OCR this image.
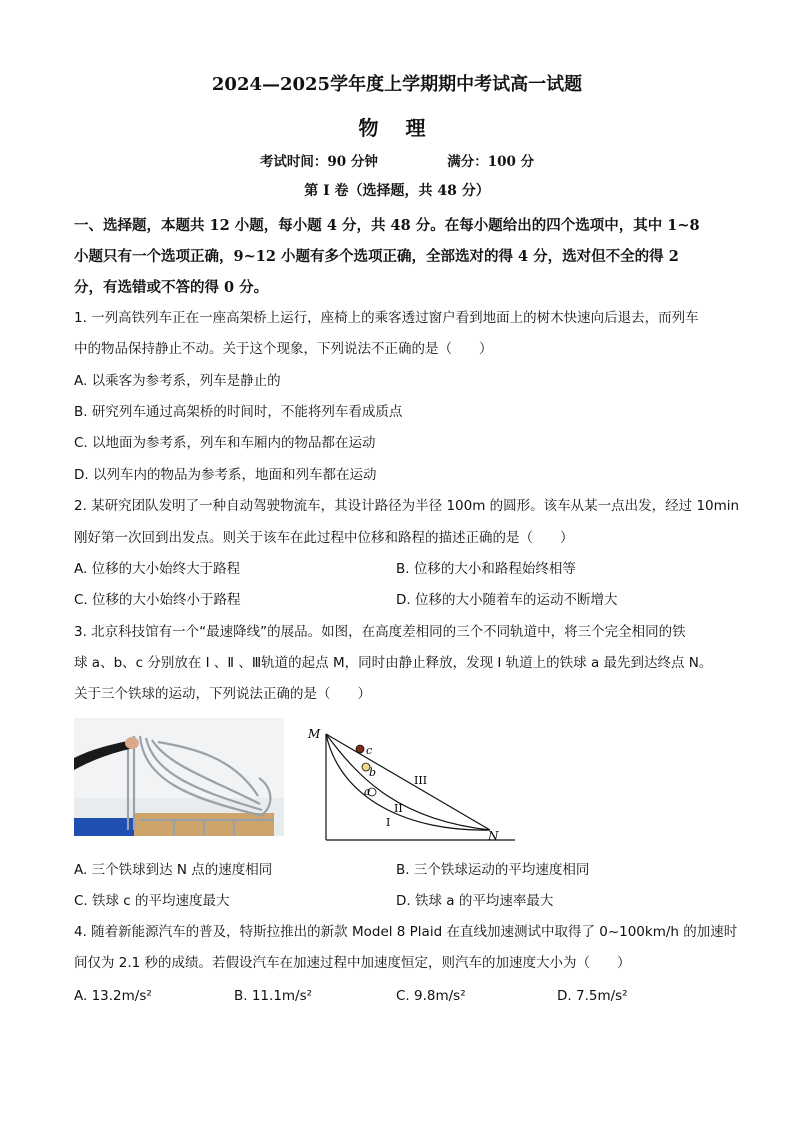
2024—2025学年度上学期期中考试高一试题
物 理
考试时间：90 分钟	满分：100 分
第 I 卷（选择题，共 48 分）
一、选择题，本题共 12 小题，每小题 4 分，共 48 分。在每小题给出的四个选项中，其中 1~8
小题只有一个选项正确，9~12 小题有多个选项正确，全部选对的得 4 分，选对但不全的得 2
分，有选错或不答的得 0 分。
1. 一列高铁列车正在一座高架桥上运行，座椅上的乘客透过窗户看到地面上的树木快速向后退去，而列车
中的物品保持静止不动。关于这个现象，下列说法不正确的是（　　）
A. 以乘客为参考系，列车是静止的
B. 研究列车通过高架桥的时间时，不能将列车看成质点
C. 以地面为参考系，列车和车厢内的物品都在运动
D. 以列车内的物品为参考系，地面和列车都在运动
2. 某研究团队发明了一种自动驾驶物流车，其设计路径为半径 100m 的圆形。该车从某一点出发，经过 10min
刚好第一次回到出发点。则关于该车在此过程中位移和路程的描述正确的是（　　）
A. 位移的大小始终大于路程	B. 位移的大小和路程始终相等
C. 位移的大小始终小于路程	D. 位移的大小随着车的运动不断增大
3. 北京科技馆有一个“最速降线”的展品。如图，在高度差相同的三个不同轨道中，将三个完全相同的铁
球 a、b、c 分别放在 Ⅰ 、Ⅱ 、Ⅲ轨道的起点 M，同时由静止释放，发现 Ⅰ 轨道上的铁球 a 最先到达终点 N。
关于三个铁球的运动，下列说法正确的是（　　）
M
N
c
b
a
I
II
III
A. 三个铁球到达 N 点的速度相同	B. 三个铁球运动的平均速度相同
C. 铁球 c 的平均速度最大	D. 铁球 a 的平均速率最大
4. 随着新能源汽车的普及，特斯拉推出的新款 Model 8 Plaid 在直线加速测试中取得了 0~100km/h 的加速时
间仅为 2.1 秒的成绩。若假设汽车在加速过程中加速度恒定，则汽车的加速度大小为（　　）
A. 13.2m/s²	B. 11.1m/s²	C. 9.8m/s²	D. 7.5m/s²
